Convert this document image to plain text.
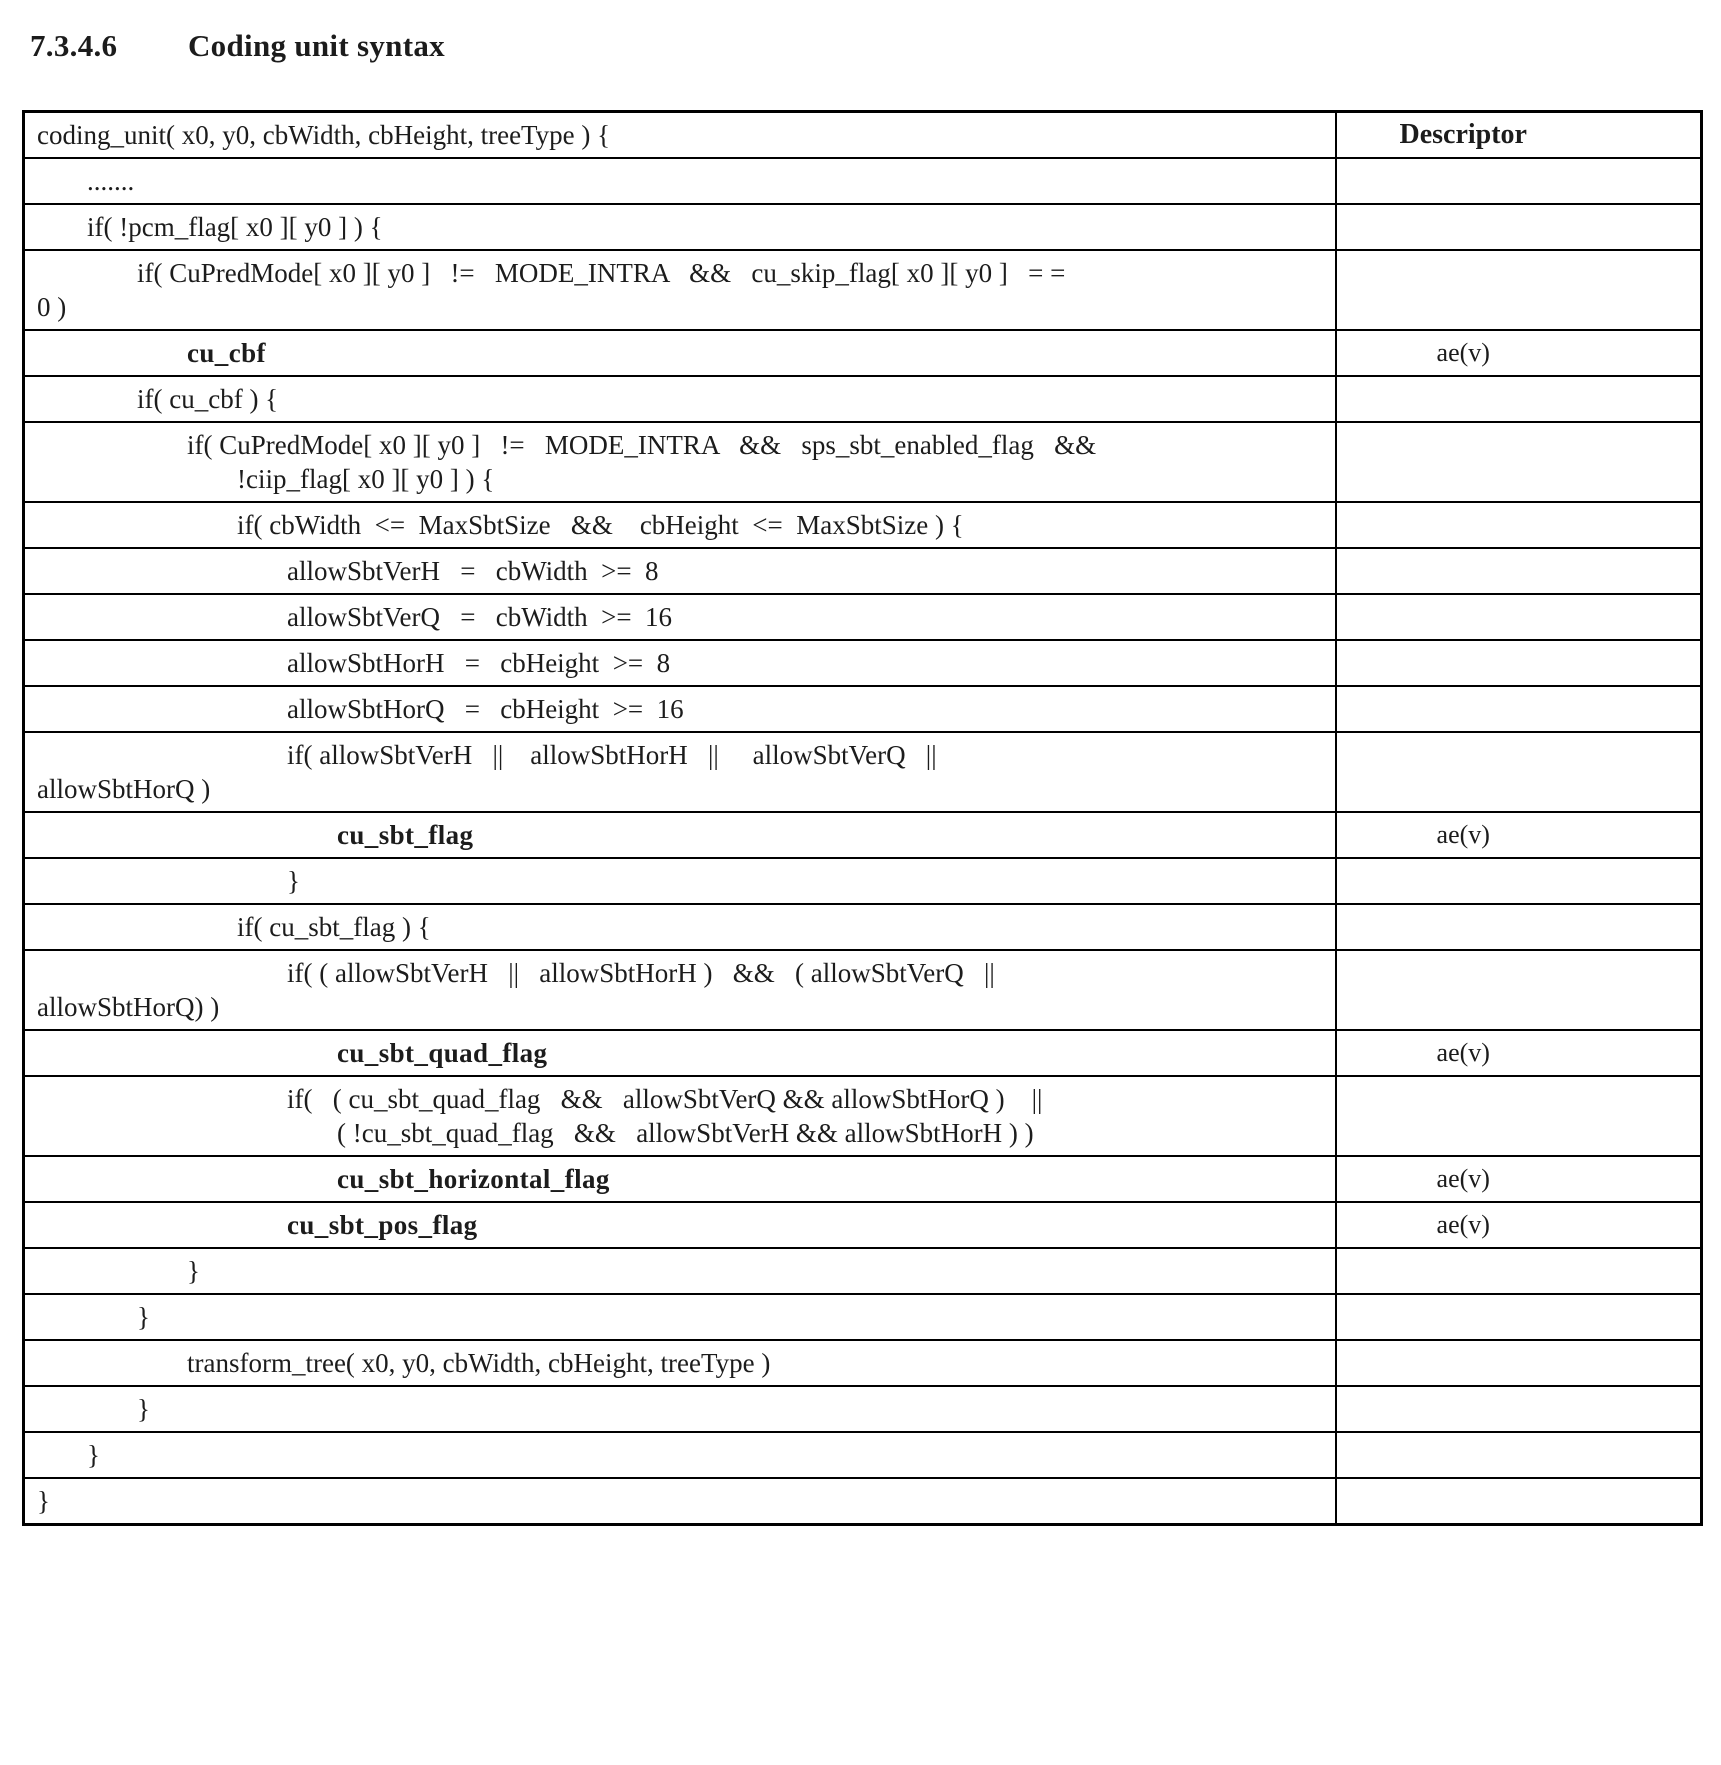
7.3.4.6 Coding unit syntax
coding_unit( x0, y0, cbWidth, cbHeight, treeType ) {	Descriptor

.......	

if( !pcm_flag[ x0 ][ y0 ] ) {	

if( CuPredMode[ x0 ][ y0 ]   !=   MODE_INTRA   &&   cu_skip_flag[ x0 ][ y0 ]   = =
0 )	

cu_cbf	ae(v)

if( cu_cbf ) {	

if( CuPredMode[ x0 ][ y0 ]   !=   MODE_INTRA   &&   sps_sbt_enabled_flag   &&
!ciip_flag[ x0 ][ y0 ] ) {	

if( cbWidth  <=  MaxSbtSize   &&    cbHeight  <=  MaxSbtSize ) {	

allowSbtVerH   =   cbWidth  >=  8	

allowSbtVerQ   =   cbWidth  >=  16	

allowSbtHorH   =   cbHeight  >=  8	

allowSbtHorQ   =   cbHeight  >=  16	

if( allowSbtVerH   ||    allowSbtHorH   ||     allowSbtVerQ   ||
allowSbtHorQ )	

cu_sbt_flag	ae(v)

}	

if( cu_sbt_flag ) {	

if( ( allowSbtVerH   ||   allowSbtHorH )   &&   ( allowSbtVerQ   ||
allowSbtHorQ) )	

cu_sbt_quad_flag	ae(v)

if(   ( cu_sbt_quad_flag   &&   allowSbtVerQ && allowSbtHorQ )    ||
( !cu_sbt_quad_flag   &&   allowSbtVerH && allowSbtHorH ) )	

cu_sbt_horizontal_flag	ae(v)

cu_sbt_pos_flag	ae(v)

}	

}	

transform_tree( x0, y0, cbWidth, cbHeight, treeType )	

}	

}	

}	
